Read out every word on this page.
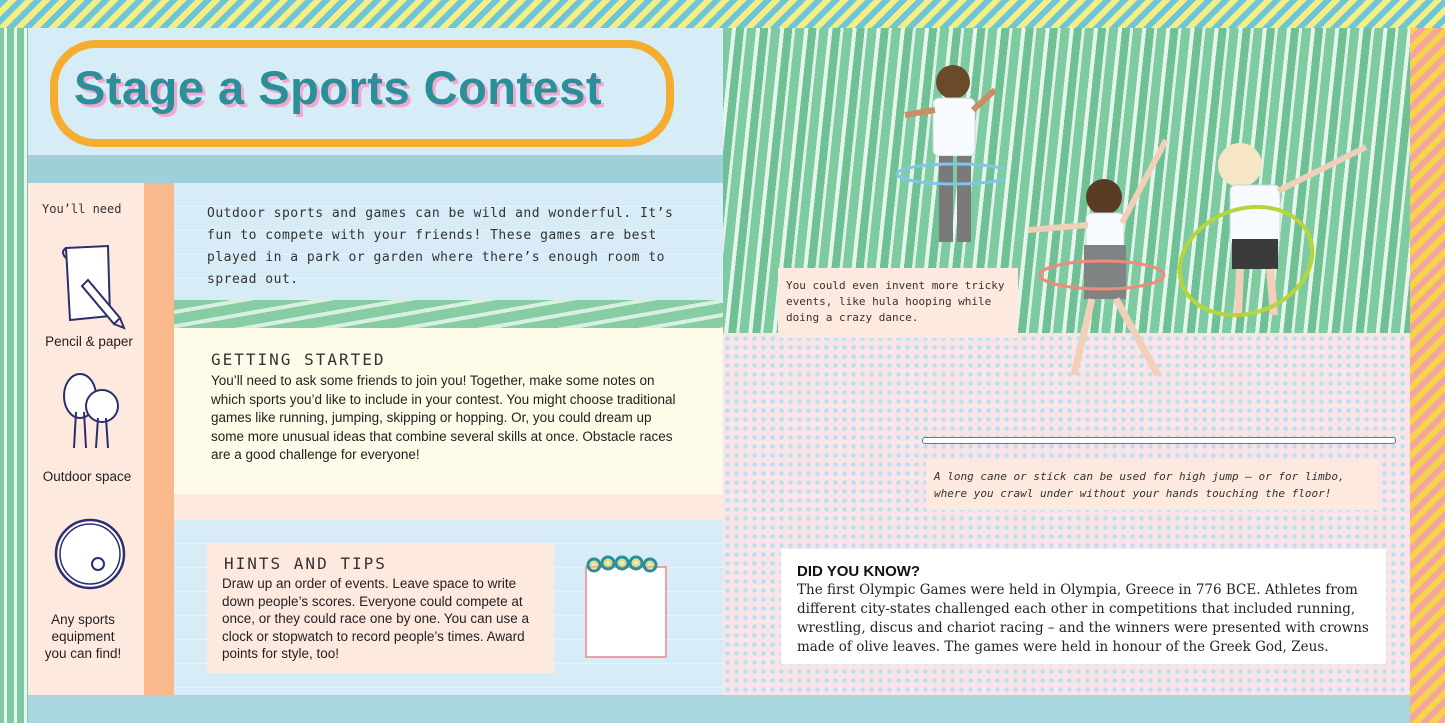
Stage a Sports Contest
You’ll need
Pencil & paper
Outdoor space
Any sports equipment you can find!
Outdoor sports and games can be wild and wonderful. It’s fun to compete with your friends! These games are best played in a park or garden where there’s enough room to spread out.
GETTING STARTED
You’ll need to ask some friends to join you! Together, make some notes on which sports you’d like to include in your contest. You might choose traditional games like running, jumping, skipping or hopping. Or, you could dream up some more unusual ideas that combine several skills at once. Obstacle races are a good challenge for everyone!
HINTS AND TIPS
Draw up an order of events. Leave space to write down people’s scores. Everyone could compete at once, or they could race one by one. You can use a clock or stopwatch to record people’s times. Award points for style, too!
You could even invent more tricky events, like hula hooping while doing a crazy dance.
A long cane or stick can be used for high jump – or for limbo, where you crawl under without your hands touching the floor!
DID YOU KNOW?
The first Olympic Games were held in Olympia, Greece in 776 BCE. Athletes from different city-states challenged each other in competitions that included running, wrestling, discus and chariot racing – and the winners were presented with crowns made of olive leaves. The games were held in honour of the Greek God, Zeus.
